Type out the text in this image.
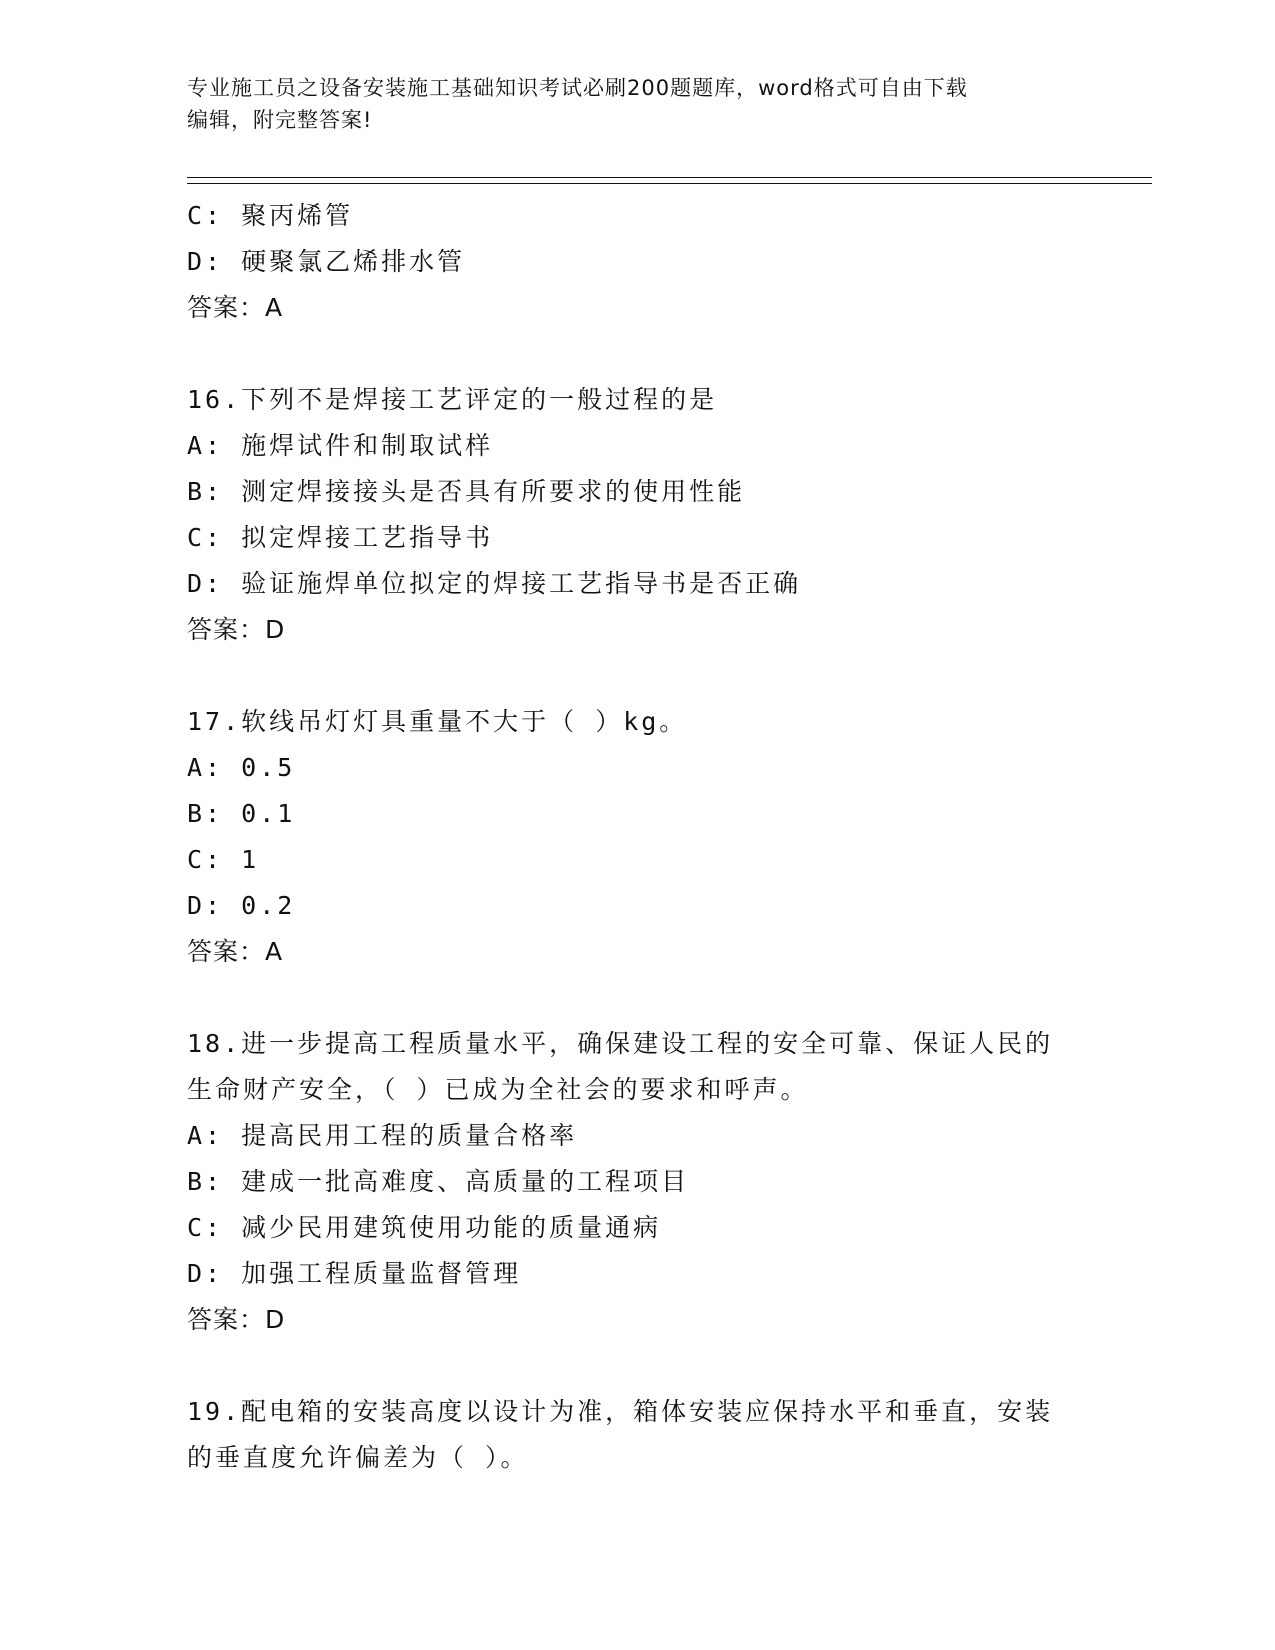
专业施工员之设备安装施工基础知识考试必刷200题题库，word格式可自由下载
编辑，附完整答案!
C: 聚丙烯管
D: 硬聚氯乙烯排水管
答案：A
16.下列不是焊接工艺评定的一般过程的是
A: 施焊试件和制取试样
B: 测定焊接接头是否具有所要求的使用性能
C: 拟定焊接工艺指导书
D: 验证施焊单位拟定的焊接工艺指导书是否正确
答案：D
17.软线吊灯灯具重量不大于（ ）kg。
A: 0.5
B: 0.1
C: 1
D: 0.2
答案：A
18.进一步提高工程质量水平，确保建设工程的安全可靠、保证人民的
生命财产安全，（ ）已成为全社会的要求和呼声。
A: 提高民用工程的质量合格率
B: 建成一批高难度、高质量的工程项目
C: 减少民用建筑使用功能的质量通病
D: 加强工程质量监督管理
答案：D
19.配电箱的安装高度以设计为准，箱体安装应保持水平和垂直，安装
的垂直度允许偏差为（ ）。
